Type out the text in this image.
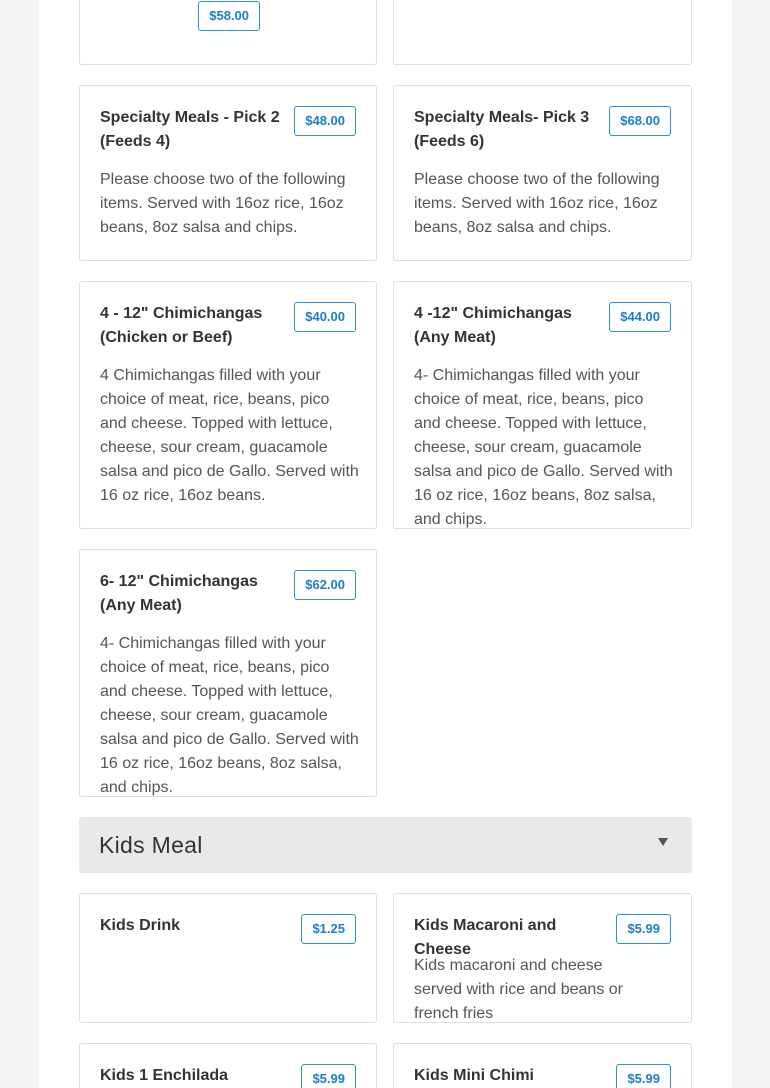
$58.00
Specialty Meals - Pick 2 (Feeds 4)
$48.00
Please choose two of the following items. Served with 16oz rice, 16oz beans, 8oz salsa and chips.
Specialty Meals- Pick 3 (Feeds 6)
$68.00
Please choose two of the following items. Served with 16oz rice, 16oz beans, 8oz salsa and chips.
4 - 12" Chimichangas (Chicken or Beef)
$40.00
4 Chimichangas filled with your choice of meat, rice, beans, pico and cheese. Topped with lettuce, cheese, sour cream, guacamole salsa and pico de Gallo. Served with 16 oz rice, 16oz beans.
4 -12" Chimichangas (Any Meat)
$44.00
4- Chimichangas filled with your choice of meat, rice, beans, pico and cheese. Topped with lettuce, cheese, sour cream, guacamole salsa and pico de Gallo. Served with 16 oz rice, 16oz beans, 8oz salsa, and chips.
6- 12" Chimichangas (Any Meat)
$62.00
4- Chimichangas filled with your choice of meat, rice, beans, pico and cheese. Topped with lettuce, cheese, sour cream, guacamole salsa and pico de Gallo. Served with 16 oz rice, 16oz beans, 8oz salsa, and chips.
Kids Meal
Kids Drink	$1.25	Kids Macaroni and Cheese
$5.99
Kids macaroni and cheese served with rice and beans or french fries
Kids 1 Enchilada	$5.99	Kids Mini Chimi	$5.99
